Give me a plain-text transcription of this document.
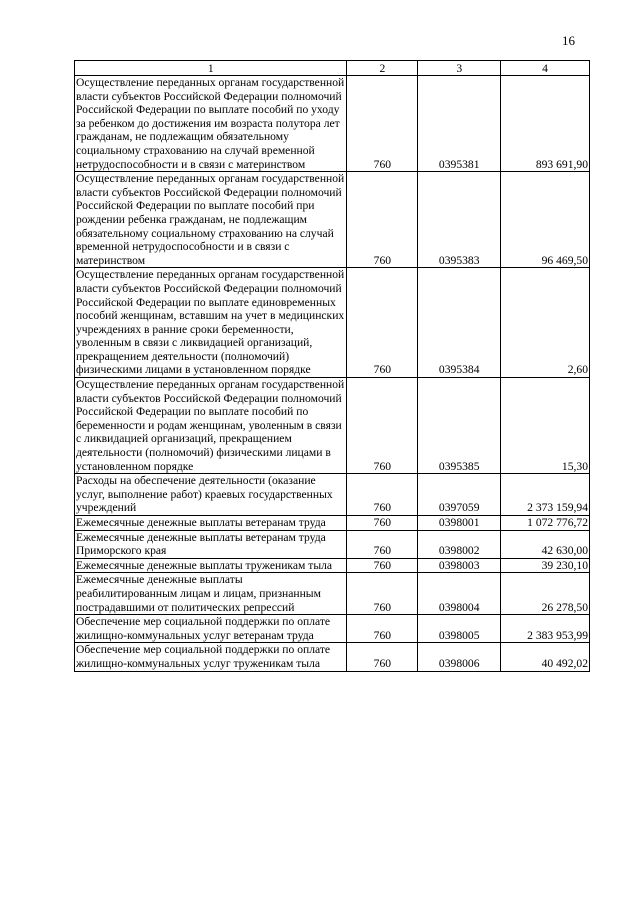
16
1	2	3	4
Осуществление переданных органам государственной власти субъектов Российской Федерации полномочий Российской Федерации по выплате пособий по уходу за ребенком до достижения им возраста полутора лет гражданам, не подлежащим обязательному социальному страхованию на случай временной нетрудоспособности и в связи с материнством	760	0395381	893 691,90
Осуществление переданных органам государственной власти субъектов Российской Федерации полномочий Российской Федерации по выплате пособий при рождении ребенка гражданам, не подлежащим обязательному социальному страхованию на случай временной нетрудоспособности и в связи с материнством	760	0395383	96 469,50
Осуществление переданных органам государственной власти субъектов Российской Федерации полномочий Российской Федерации по выплате единовременных пособий женщинам, вставшим на учет в медицинских учреждениях в ранние сроки беременности, уволенным в связи с ликвидацией организаций, прекращением деятельности (полномочий) физическими лицами в установленном порядке	760	0395384	2,60
Осуществление переданных органам государственной власти субъектов Российской Федерации полномочий Российской Федерации по выплате пособий по беременности и родам женщинам, уволенным в связи с ликвидацией организаций, прекращением деятельности (полномочий) физическими лицами в установленном порядке	760	0395385	15,30
Расходы на обеспечение деятельности (оказание услуг, выполнение работ) краевых государственных учреждений	760	0397059	2 373 159,94
Ежемесячные денежные выплаты ветеранам труда	760	0398001	1 072 776,72
Ежемесячные денежные выплаты ветеранам труда Приморского края	760	0398002	42 630,00
Ежемесячные денежные выплаты труженикам тыла	760	0398003	39 230,10
Ежемесячные денежные выплаты реабилитированным лицам и лицам, признанным пострадавшими от политических репрессий	760	0398004	26 278,50
Обеспечение мер социальной поддержки по оплате жилищно-коммунальных услуг ветеранам труда	760	0398005	2 383 953,99
Обеспечение мер социальной поддержки по оплате жилищно-коммунальных услуг труженикам тыла	760	0398006	40 492,02
